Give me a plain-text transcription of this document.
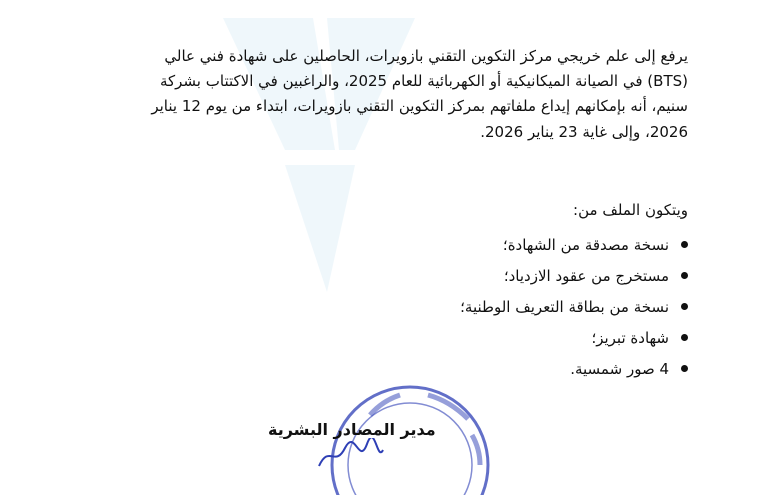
يرفع إلى علم خريجي مركز التكوين التقني بازويرات، الحاصلين على شهادة فني عالي
(BTS) في الصيانة الميكانيكية أو الكهربائية للعام 2025، والراغبين في الاكتتاب بشركة
سنيم، أنه بإمكانهم إيداع ملفاتهم بمركز التكوين التقني بازويرات، ابتداء من يوم 12 يناير
2026، وإلى غاية 23 يناير 2026.

ويتكون الملف من:

نسخة مصدقة من الشهادة؛
مستخرج من عقود الازدياد؛
نسخة من بطاقة التعريف الوطنية؛
شهادة تبريز؛
4 صور شمسية.

مدير المصادر البشرية
